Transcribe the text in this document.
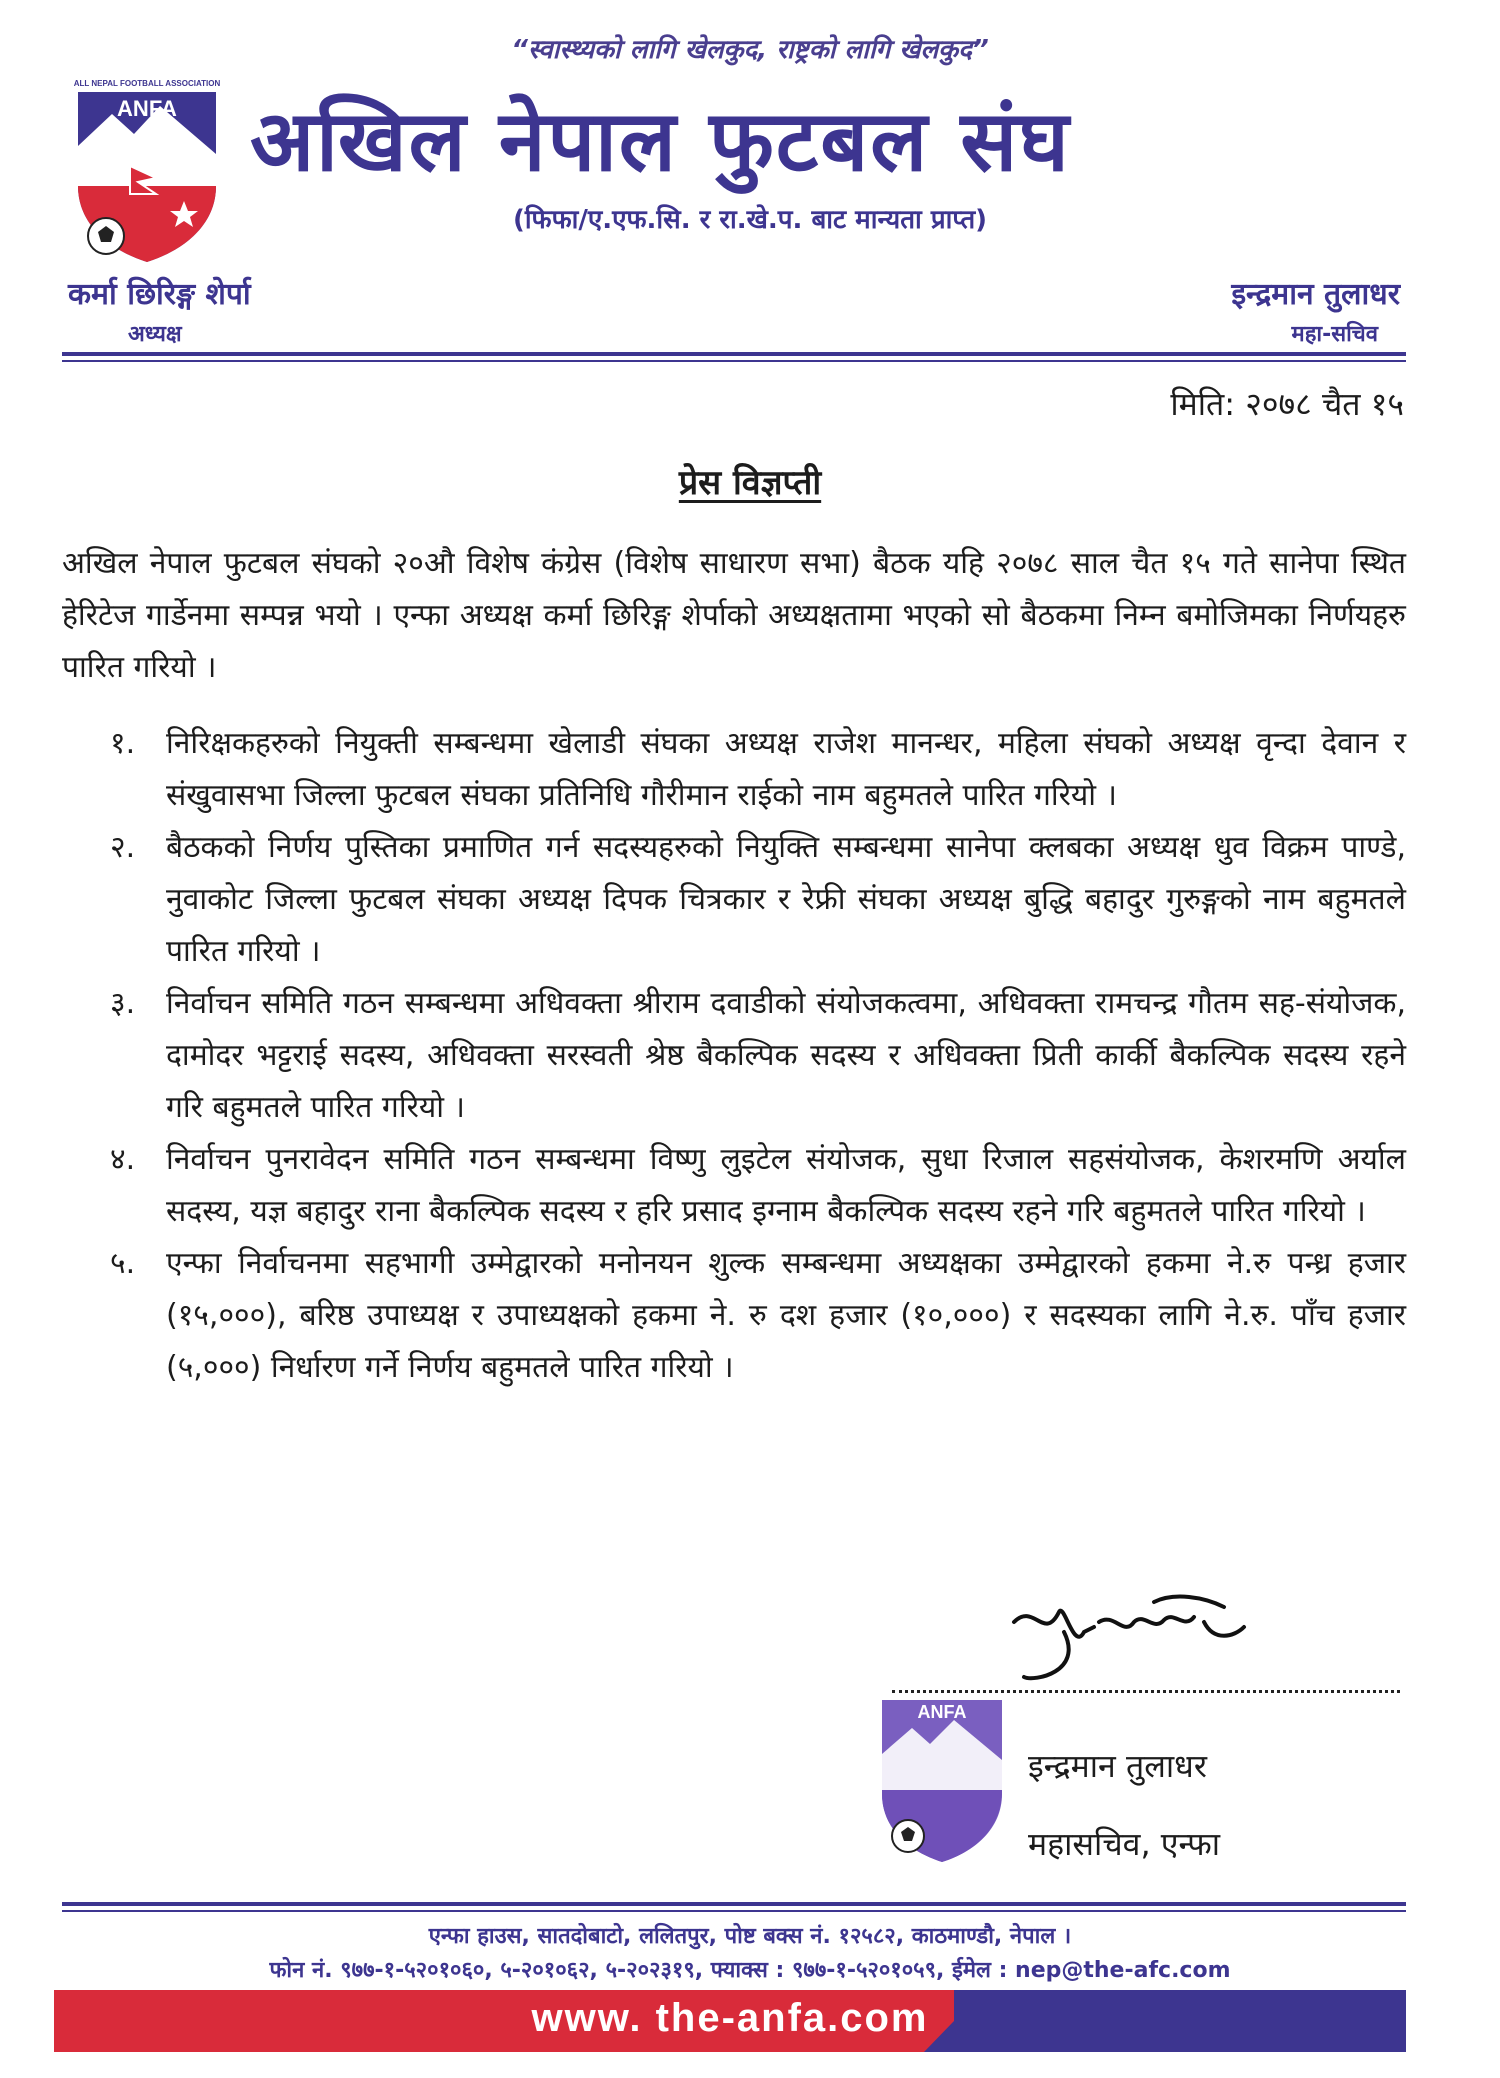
“स्वास्थ्यको लागि खेलकुद, राष्ट्रको लागि खेलकुद”
ALL NEPAL FOOTBALL ASSOCIATION
ANFA अखिल नेपाल फुटबल संघ
(फिफा/ए.एफ.सि. र रा.खे.प. बाट मान्यता प्राप्त)
कर्मा छिरिङ्ग शेर्पा
अध्यक्ष
इन्द्रमान तुलाधर
महा-सचिव
मिति: २०७८ चैत १५
प्रेस विज्ञप्ती
अखिल नेपाल फुटबल संघको २०औ विशेष कंग्रेस (विशेष साधारण सभा) बैठक यहि २०७८ साल चैत १५ गते सानेपा स्थित हेरिटेज गार्डेनमा सम्पन्न भयो । एन्फा अध्यक्ष कर्मा छिरिङ्ग शेर्पाको अध्यक्षतामा भएको सो बैठकमा निम्न बमोजिमका निर्णयहरु पारित गरियो ।
१. निरिक्षकहरुको नियुक्ती सम्बन्धमा खेलाडी संघका अध्यक्ष राजेश मानन्धर, महिला संघको अध्यक्ष वृन्दा देवान र संखुवासभा जिल्ला फुटबल संघका प्रतिनिधि गौरीमान राईको नाम बहुमतले पारित गरियो ।
२. बैठकको निर्णय पुस्तिका प्रमाणित गर्न सदस्यहरुको नियुक्ति सम्बन्धमा सानेपा क्लबका अध्यक्ष धुव विक्रम पाण्डे, नुवाकोट जिल्ला फुटबल संघका अध्यक्ष दिपक चित्रकार र रेफ्री संघका अध्यक्ष बुद्धि बहादुर गुरुङ्गको नाम बहुमतले पारित गरियो ।
३. निर्वाचन समिति गठन सम्बन्धमा अधिवक्ता श्रीराम दवाडीको संयोजकत्वमा, अधिवक्ता रामचन्द्र गौतम सह-संयोजक, दामोदर भट्टराई सदस्य, अधिवक्ता सरस्वती श्रेष्ठ बैकल्पिक सदस्य र अधिवक्ता प्रिती कार्की बैकल्पिक सदस्य रहने गरि बहुमतले पारित गरियो ।
४. निर्वाचन पुनरावेदन समिति गठन सम्बन्धमा विष्णु लुइटेल संयोजक, सुधा रिजाल सहसंयोजक, केशरमणि अर्याल सदस्य, यज्ञ बहादुर राना बैकल्पिक सदस्य र हरि प्रसाद इग्नाम बैकल्पिक सदस्य रहने गरि बहुमतले पारित गरियो ।
५. एन्फा निर्वाचनमा सहभागी उम्मेद्वारको मनोनयन शुल्क सम्बन्धमा अध्यक्षका उम्मेद्वारको हकमा ने.रु पन्ध्र हजार (१५,०००), बरिष्ठ उपाध्यक्ष र उपाध्यक्षको हकमा ने. रु दश हजार (१०,०००) र सदस्यका लागि ने.रु. पाँच हजार (५,०००) निर्धारण गर्ने निर्णय बहुमतले पारित गरियो ।
ANFA
इन्द्रमान तुलाधर
महासचिव, एन्फा
एन्फा हाउस, सातदोबाटो, ललितपुर, पोष्ट बक्स नं. १२५८२, काठमाण्डौ, नेपाल ।
फोन नं. ९७७-१-५२०१०६०, ५-२०१०६२, ५-२०२३१९, फ्याक्स : ९७७-१-५२०१०५९, ईमेल : nep@the-afc.com
www. the-anfa.com
